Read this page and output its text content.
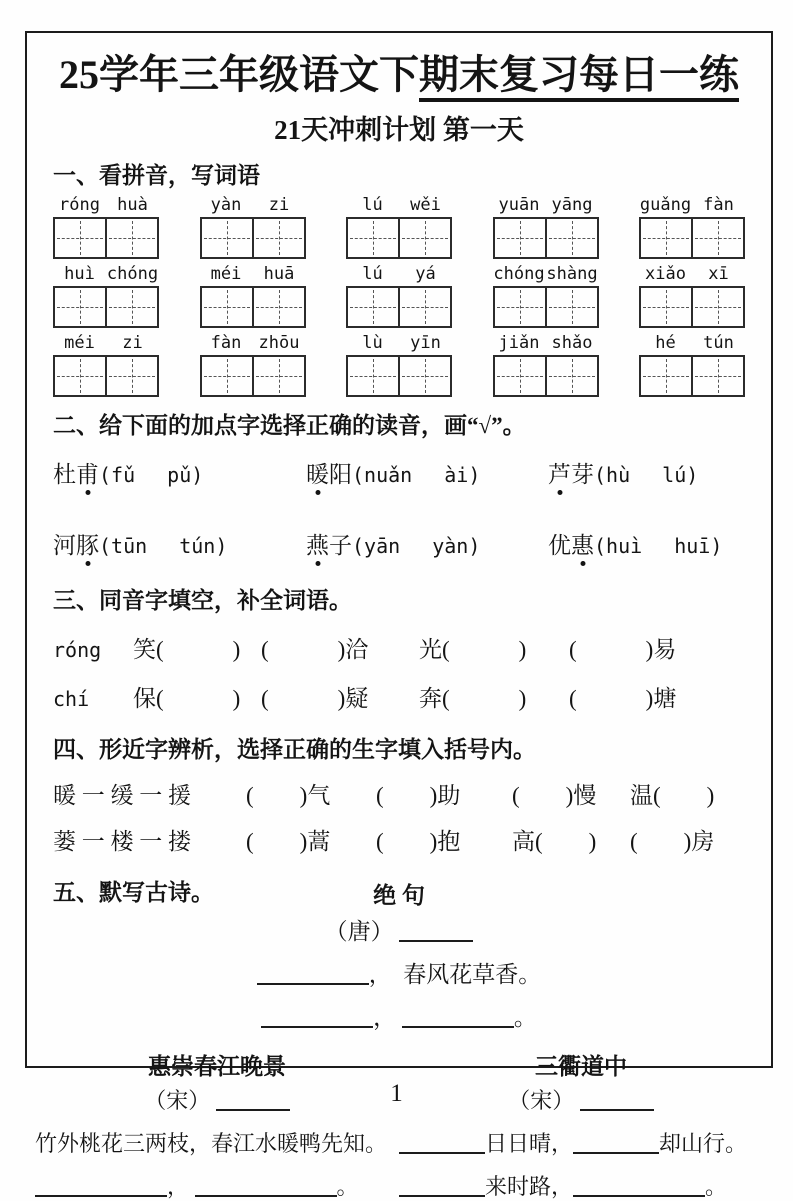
25学年三年级语文下期末复习每日一练
21天冲刺计划 第一天
一、看拼音，写词语
róng	huà	yàn	zi	lú	wěi	yuān yāng	guǎng fàn
huì chóng	méi	huā	lú	yá	chóng shàng	xiǎo	xī
méi	zi	fàn	zhōu	lù	yīn	jiǎn shǎo	hé	tún
二、给下面的加点字选择正确的读音，画“√”。
杜甫(fǔ　 pǔ)	暖阳(nuǎn　 ài)	芦芽(hù　 lú)
河豚(tūn　 tún)	燕子(yān　 yàn)	优惠(huì　 huī)
三、同音字填空，补全词语。
róng	笑(　　　) (　　　)洽	光(　　　)	(　　　)易
chí	保(　　　) (　　　)疑	奔(　　　)	(　　　)塘
四、形近字辨析，选择正确的生字填入括号内。
暖 一 缓 一 援	(　　)气	(　　)助	(　　)慢	温(　　)
蒌 一 楼 一 搂	(　　)蒿	(　　)抱	高(　　)	(　　)房
五、默写古诗。	绝 句
（唐）
，  春风花草香。
，	。
惠崇春江晚景
（宋）
竹外桃花三两枝，春江水暖鸭先知。
，	。
三衢道中
（宋）
日日晴，	却山行。
来时路，	。
1
